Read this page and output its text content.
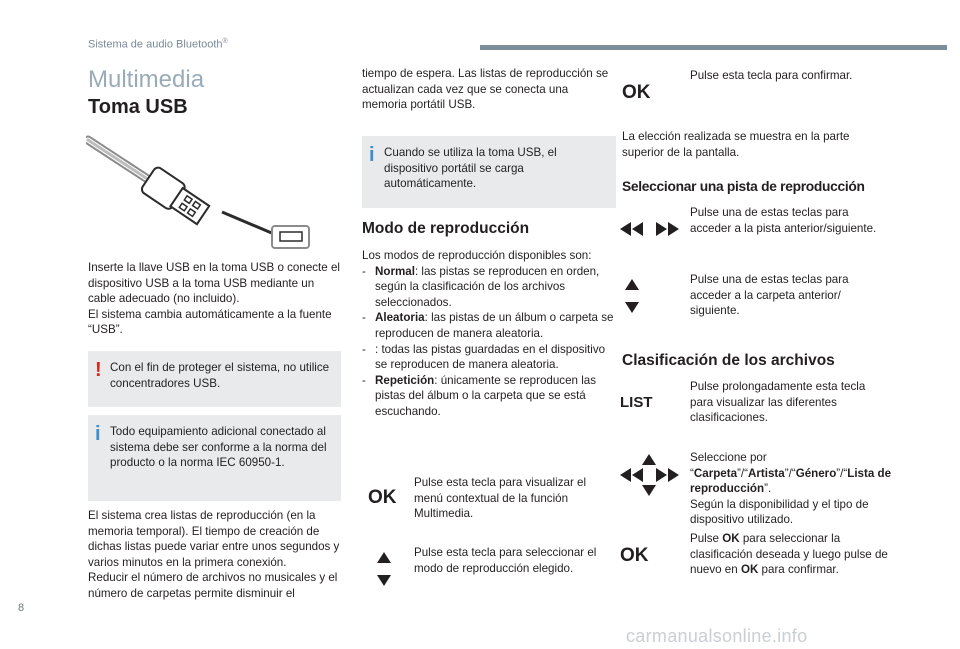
Sistema de audio Bluetooth®
Multimedia
Toma USB
Inserte la llave USB en la toma USB o conecte el dispositivo USB a la toma USB mediante un cable adecuado (no incluido).
El sistema cambia automáticamente a la fuente “USB”.
! Con el fin de proteger el sistema, no utilice concentradores USB.
i Todo equipamiento adicional conectado al sistema debe ser conforme a la norma del producto o la norma IEC 60950-1.
El sistema crea listas de reproducción (en la memoria temporal). El tiempo de creación de dichas listas puede variar entre unos segundos y varios minutos en la primera conexión.
Reducir el número de archivos no musicales y el número de carpetas permite disminuir el
tiempo de espera. Las listas de reproducción se actualizan cada vez que se conecta una memoria portátil USB.
i Cuando se utiliza la toma USB, el dispositivo portátil se carga automáticamente.
Modo de reproducción
Los modos de reproducción disponibles son:
- Normal: las pistas se reproducen en orden, según la clasificación de los archivos seleccionados.
- Aleatoria: las pistas de un álbum o carpeta se reproducen de manera aleatoria.
- : todas las pistas guardadas en el dispositivo se reproducen de manera aleatoria.
- Repetición: únicamente se reproducen las pistas del álbum o la carpeta que se está escuchando.
OK
Pulse esta tecla para visualizar el menú contextual de la función Multimedia.
Pulse esta tecla para seleccionar el modo de reproducción elegido.
OK
Pulse esta tecla para confirmar.
La elección realizada se muestra en la parte superior de la pantalla.
Seleccionar una pista de reproducción
Pulse una de estas teclas para acceder a la pista anterior/siguiente.
Pulse una de estas teclas para acceder a la carpeta anterior/ siguiente.
Clasificación de los archivos
LIST
Pulse prolongadamente esta tecla para visualizar las diferentes clasificaciones.
Seleccione por
“Carpeta”/“Artista”/“Género”/“Lista de reproducción”.
Según la disponibilidad y el tipo de dispositivo utilizado.
OK
Pulse OK para seleccionar la clasificación deseada y luego pulse de nuevo en OK para confirmar.
8
carmanualsonline.info
